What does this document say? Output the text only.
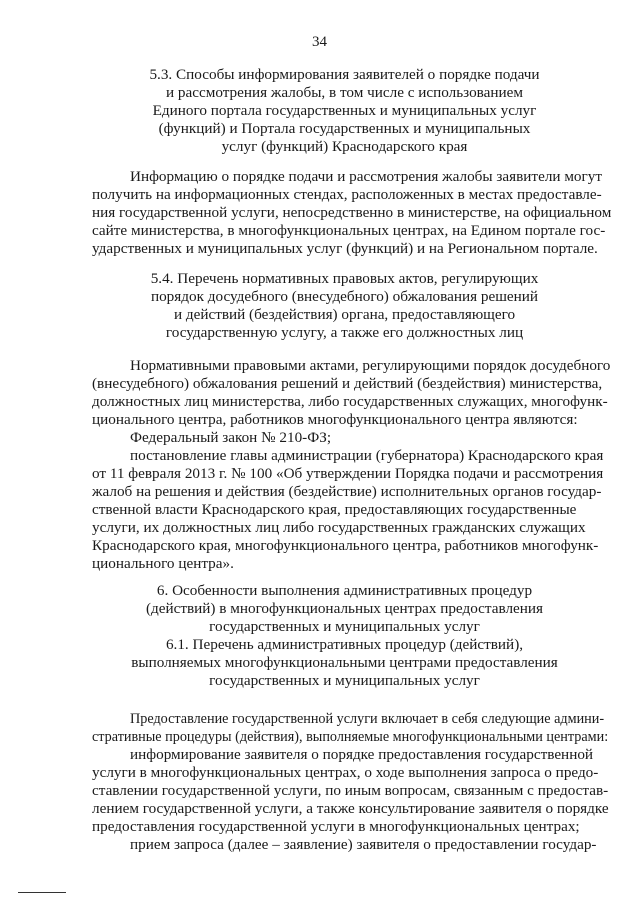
34
5.3. Способы информирования заявителей о порядке подачи
и рассмотрения жалобы, в том числе с использованием
Единого портала государственных и муниципальных услуг
(функций) и Портала государственных и муниципальных
услуг (функций) Краснодарского края
Информацию о порядке подачи и рассмотрения жалобы заявители могут
получить на информационных стендах, расположенных в местах предоставле-
ния государственной услуги, непосредственно в министерстве, на официальном
сайте министерства, в многофункциональных центрах, на Едином портале гос-
ударственных и муниципальных услуг (функций) и на Региональном портале.
5.4. Перечень нормативных правовых актов, регулирующих
порядок досудебного (внесудебного) обжалования решений
и действий (бездействия) органа, предоставляющего
государственную услугу, а также его должностных лиц
Нормативными правовыми актами, регулирующими порядок досудебного
(внесудебного) обжалования решений и действий (бездействия) министерства,
должностных лиц министерства, либо государственных служащих, многофунк-
ционального центра, работников многофункционального центра являются:
Федеральный закон № 210-ФЗ;
постановление главы администрации (губернатора) Краснодарского края
от 11 февраля 2013 г. № 100 «Об утверждении Порядка подачи и рассмотрения
жалоб на решения и действия (бездействие) исполнительных органов государ-
ственной власти Краснодарского края, предоставляющих государственные
услуги, их должностных лиц либо государственных гражданских служащих
Краснодарского края, многофункционального центра, работников многофунк-
ционального центра».
6. Особенности выполнения административных процедур
(действий) в многофункциональных центрах предоставления
государственных и муниципальных услуг
6.1. Перечень административных процедур (действий),
выполняемых многофункциональными центрами предоставления
государственных и муниципальных услуг
Предоставление государственной услуги включает в себя следующие админи-
стративные процедуры (действия), выполняемые многофункциональными центрами:
информирование заявителя о порядке предоставления государственной
услуги в многофункциональных центрах, о ходе выполнения запроса о предо-
ставлении государственной услуги, по иным вопросам, связанным с предостав-
лением государственной услуги, а также консультирование заявителя о порядке
предоставления государственной услуги в многофункциональных центрах;
прием запроса (далее – заявление) заявителя о предоставлении государ-
